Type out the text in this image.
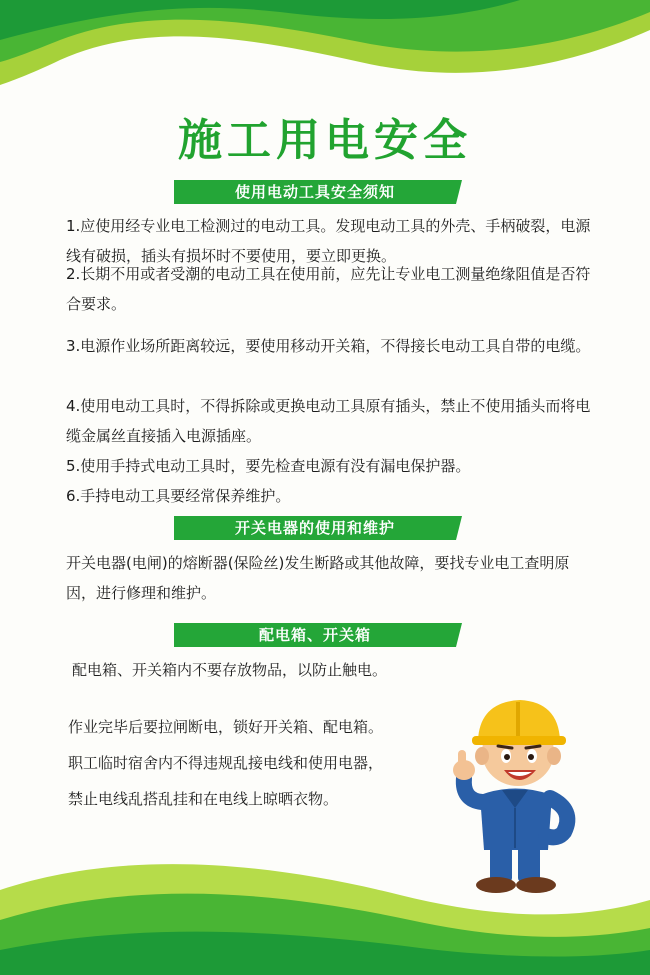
施工用电安全
使用电动工具安全须知
1.应使用经专业电工检测过的电动工具。发现电动工具的外壳、手柄破裂，电源线有破损，插头有损坏时不要使用，要立即更换。
2.长期不用或者受潮的电动工具在使用前，应先让专业电工测量绝缘阻值是否符合要求。
3.电源作业场所距离较远，要使用移动开关箱，不得接长电动工具自带的电缆。
4.使用电动工具时，不得拆除或更换电动工具原有插头，禁止不使用插头而将电缆金属丝直接插入电源插座。
5.使用手持式电动工具时，要先检查电源有没有漏电保护器。
6.手持电动工具要经常保养维护。
开关电器的使用和维护
开关电器(电闸)的熔断器(保险丝)发生断路或其他故障，要找专业电工查明原因，进行修理和维护。
配电箱、开关箱
配电箱、开关箱内不要存放物品，以防止触电。
作业完毕后要拉闸断电，锁好开关箱、配电箱。
职工临时宿舍内不得违规乱接电线和使用电器，
禁止电线乱搭乱挂和在电线上晾晒衣物。
